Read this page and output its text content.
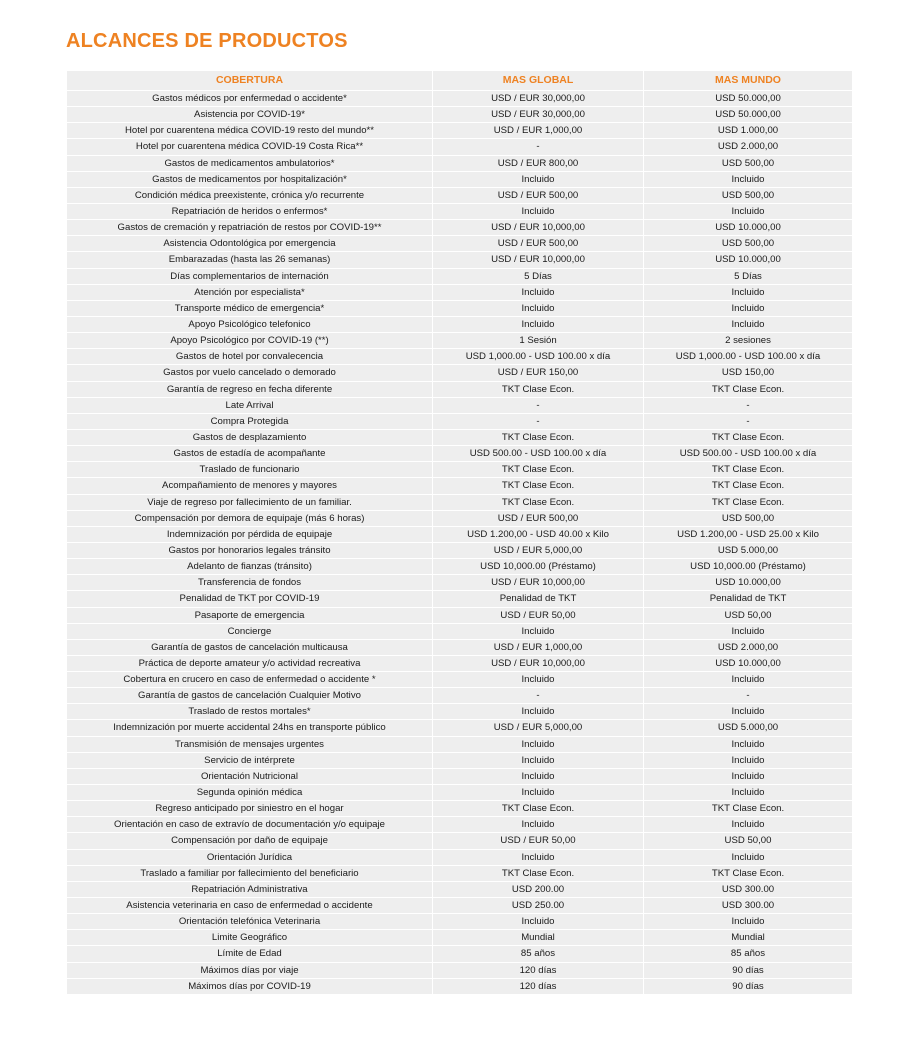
ALCANCES DE PRODUCTOS
COBERTURA	MAS GLOBAL	MAS MUNDO
Gastos médicos por enfermedad o accidente*	USD / EUR 30,000,00	USD 50.000,00
Asistencia por COVID-19*	USD / EUR 30,000,00	USD 50.000,00
Hotel por cuarentena médica COVID-19 resto del mundo**	USD / EUR 1,000,00	USD 1.000,00
Hotel por cuarentena médica COVID-19 Costa Rica**	-	USD 2.000,00
Gastos de medicamentos ambulatorios*	USD / EUR 800,00	USD 500,00
Gastos de medicamentos por hospitalización*	Incluido	Incluido
Condición médica preexistente, crónica y/o recurrente	USD / EUR 500,00	USD 500,00
Repatriación de heridos o enfermos*	Incluido	Incluido
Gastos de cremación y repatriación de restos por COVID-19**	USD / EUR 10,000,00	USD 10.000,00
Asistencia Odontológica por emergencia	USD / EUR 500,00	USD 500,00
Embarazadas (hasta las 26 semanas)	USD / EUR 10,000,00	USD 10.000,00
Días complementarios de internación	5 Días	5 Días
Atención por especialista*	Incluido	Incluido
Transporte médico de emergencia*	Incluido	Incluido
Apoyo Psicológico telefonico	Incluido	Incluido
Apoyo Psicológico por COVID-19 (**)	1 Sesión	2 sesiones
Gastos de hotel por convalecencia	USD 1,000.00 - USD 100.00 x día	USD 1,000.00 - USD 100.00 x día
Gastos por vuelo cancelado o demorado	USD / EUR 150,00	USD 150,00
Garantía de regreso en fecha diferente	TKT Clase Econ.	TKT Clase Econ.
Late Arrival	-	-
Compra Protegida	-	-
Gastos de desplazamiento	TKT Clase Econ.	TKT Clase Econ.
Gastos de estadía de acompañante	USD 500.00 - USD 100.00 x día	USD 500.00 - USD 100.00 x día
Traslado de funcionario	TKT Clase Econ.	TKT Clase Econ.
Acompañamiento de menores y mayores	TKT Clase Econ.	TKT Clase Econ.
Viaje de regreso por fallecimiento de un familiar.	TKT Clase Econ.	TKT Clase Econ.
Compensación por demora de equipaje (más 6 horas)	USD / EUR 500,00	USD 500,00
Indemnización por pérdida de equipaje	USD 1.200,00 - USD 40.00 x Kilo	USD 1.200,00 - USD 25.00 x Kilo
Gastos por honorarios legales tránsito	USD / EUR 5,000,00	USD 5.000,00
Adelanto de fianzas (tránsito)	USD 10,000.00 (Préstamo)	USD 10,000.00 (Préstamo)
Transferencia de fondos	USD / EUR 10,000,00	USD 10.000,00
Penalidad de TKT por COVID-19	Penalidad de TKT	Penalidad de TKT
Pasaporte de emergencia	USD / EUR 50,00	USD 50,00
Concierge	Incluido	Incluido
Garantía de gastos de cancelación multicausa	USD / EUR 1,000,00	USD 2.000,00
Práctica de deporte amateur y/o actividad recreativa	USD / EUR 10,000,00	USD 10.000,00
Cobertura en crucero en caso de enfermedad o accidente *	Incluido	Incluido
Garantía de gastos de cancelación Cualquier Motivo	-	-
Traslado de restos mortales*	Incluido	Incluido
Indemnización por muerte accidental 24hs en transporte público	USD / EUR 5,000,00	USD 5.000,00
Transmisión de mensajes urgentes	Incluido	Incluido
Servicio de intérprete	Incluido	Incluido
Orientación Nutricional	Incluido	Incluido
Segunda opinión médica	Incluido	Incluido
Regreso anticipado por siniestro en el hogar	TKT Clase Econ.	TKT Clase Econ.
Orientación en caso de extravío de documentación y/o equipaje	Incluido	Incluido
Compensación por daño de equipaje	USD / EUR 50,00	USD 50,00
Orientación Jurídica	Incluido	Incluido
Traslado a familiar por fallecimiento del beneficiario	TKT Clase Econ.	TKT Clase Econ.
Repatriación Administrativa	USD 200.00	USD 300.00
Asistencia veterinaria en caso de enfermedad o accidente	USD 250.00	USD 300.00
Orientación telefónica Veterinaria	Incluido	Incluido
Limite Geográfico	Mundial	Mundial
Límite de Edad	85 años	85 años
Máximos días por viaje	120 días	90 días
Máximos días por COVID-19	120 días	90 días
